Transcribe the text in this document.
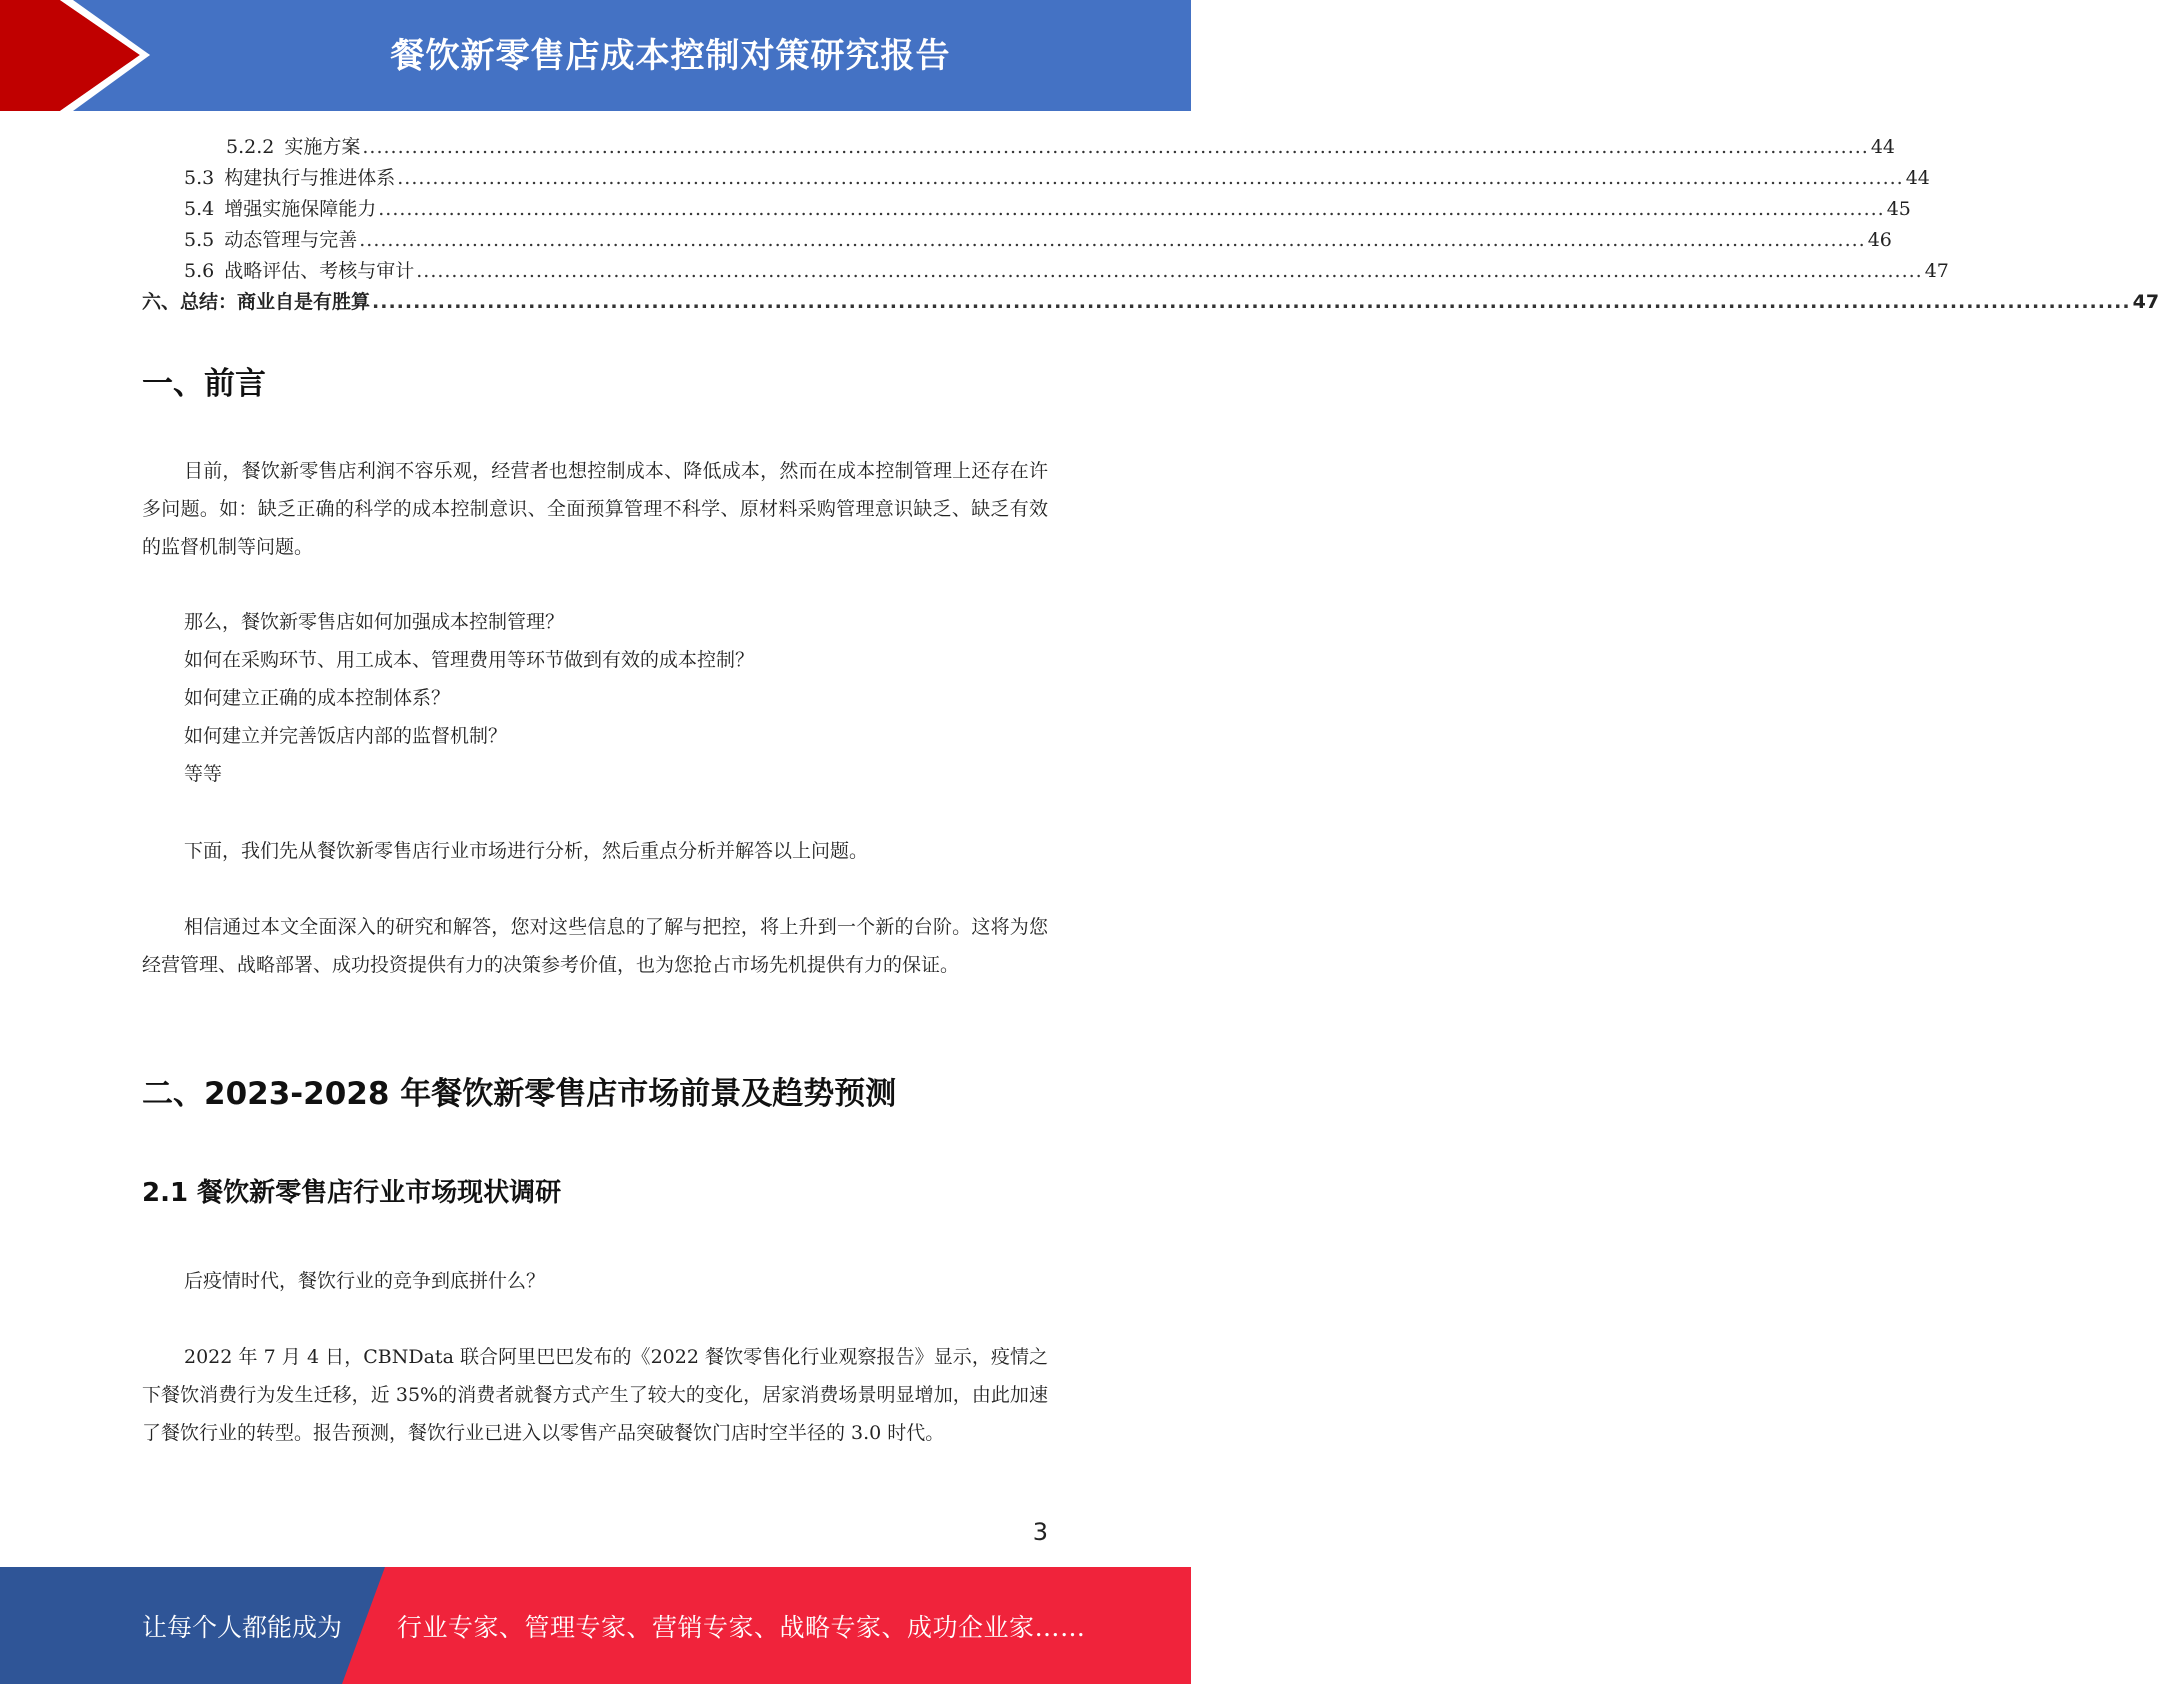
餐饮新零售店成本控制对策研究报告
5.2.2 实施方案 ...................................................................................................................................................................................................................... 44
5.3 构建执行与推进体系 ...................................................................................................................................................................................................................... 44
5.4 增强实施保障能力 ...................................................................................................................................................................................................................... 45
5.5 动态管理与完善 ...................................................................................................................................................................................................................... 46
5.6 战略评估、考核与审计 ...................................................................................................................................................................................................................... 47
六、总结：商业自是有胜算 ...................................................................................................................................................................................................................... 47
一、前言

目前，餐饮新零售店利润不容乐观，经营者也想控制成本、降低成本，然而在成本控制管理上还存在许多问题。如：缺乏正确的科学的成本控制意识、全面预算管理不科学、原材料采购管理意识缺乏、缺乏有效的监督机制等问题。

那么，餐饮新零售店如何加强成本控制管理？

如何在采购环节、用工成本、管理费用等环节做到有效的成本控制？

如何建立正确的成本控制体系？

如何建立并完善饭店内部的监督机制？

等等

下面，我们先从餐饮新零售店行业市场进行分析，然后重点分析并解答以上问题。

相信通过本文全面深入的研究和解答，您对这些信息的了解与把控，将上升到一个新的台阶。这将为您经营管理、战略部署、成功投资提供有力的决策参考价值，也为您抢占市场先机提供有力的保证。

二、2023-2028 年餐饮新零售店市场前景及趋势预测
2.1 餐饮新零售店行业市场现状调研

后疫情时代，餐饮行业的竞争到底拼什么？

2022 年 7 月 4 日，CBNData 联合阿里巴巴发布的《2022 餐饮零售化行业观察报告》显示，疫情之下餐饮消费行为发生迁移，近 35%的消费者就餐方式产生了较大的变化，居家消费场景明显增加，由此加速了餐饮行业的转型。报告预测，餐饮行业已进入以零售产品突破餐饮门店时空半径的 3.0 时代。

3
让每个人都能成为 行业专家、管理专家、营销专家、战略专家、成功企业家……
